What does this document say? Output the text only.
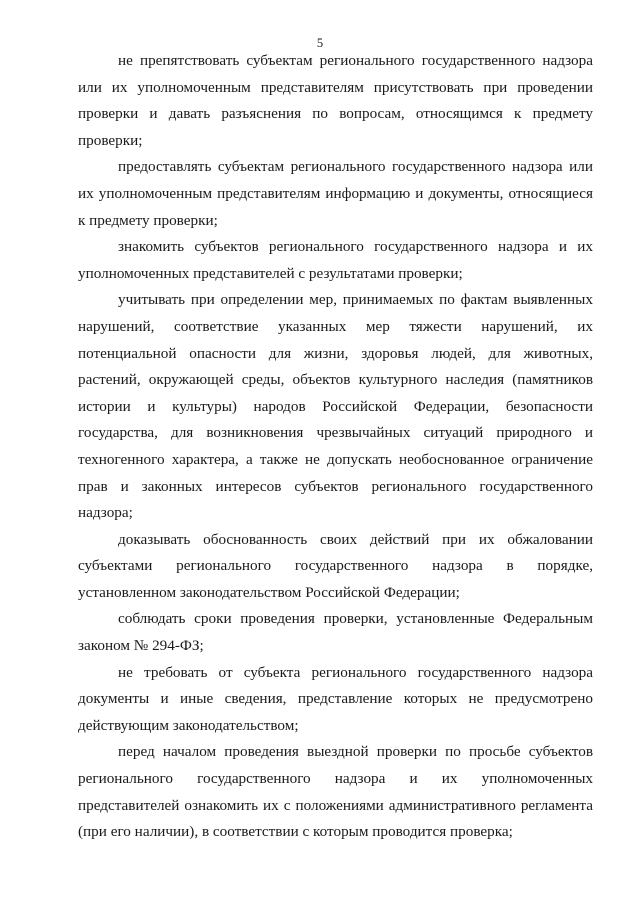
5

не препятствовать субъектам регионального государственного надзора или их уполномоченным представителям присутствовать при проведении проверки и давать разъяснения по вопросам, относящимся к предмету проверки;

предоставлять субъектам регионального государственного надзора или их уполномоченным представителям информацию и документы, относящиеся к предмету проверки;

знакомить субъектов регионального государственного надзора и их уполномоченных представителей с результатами проверки;

учитывать при определении мер, принимаемых по фактам выявленных нарушений, соответствие указанных мер тяжести нарушений, их потенциальной опасности для жизни, здоровья людей, для животных, растений, окружающей среды, объектов культурного наследия (памятников истории и культуры) народов Российской Федерации, безопасности государства, для возникновения чрезвычайных ситуаций природного и техногенного характера, а также не допускать необоснованное ограничение прав и законных интересов субъектов регионального государственного надзора;

доказывать обоснованность своих действий при их обжаловании субъектами регионального государственного надзора в порядке, установленном законодательством Российской Федерации;

соблюдать сроки проведения проверки, установленные Федеральным законом № 294-ФЗ;

не требовать от субъекта регионального государственного надзора документы и иные сведения, представление которых не предусмотрено действующим законодательством;

перед началом проведения выездной проверки по просьбе субъектов регионального государственного надзора и их уполномоченных представителей ознакомить их с положениями административного регламента (при его наличии), в соответствии с которым проводится проверка;
